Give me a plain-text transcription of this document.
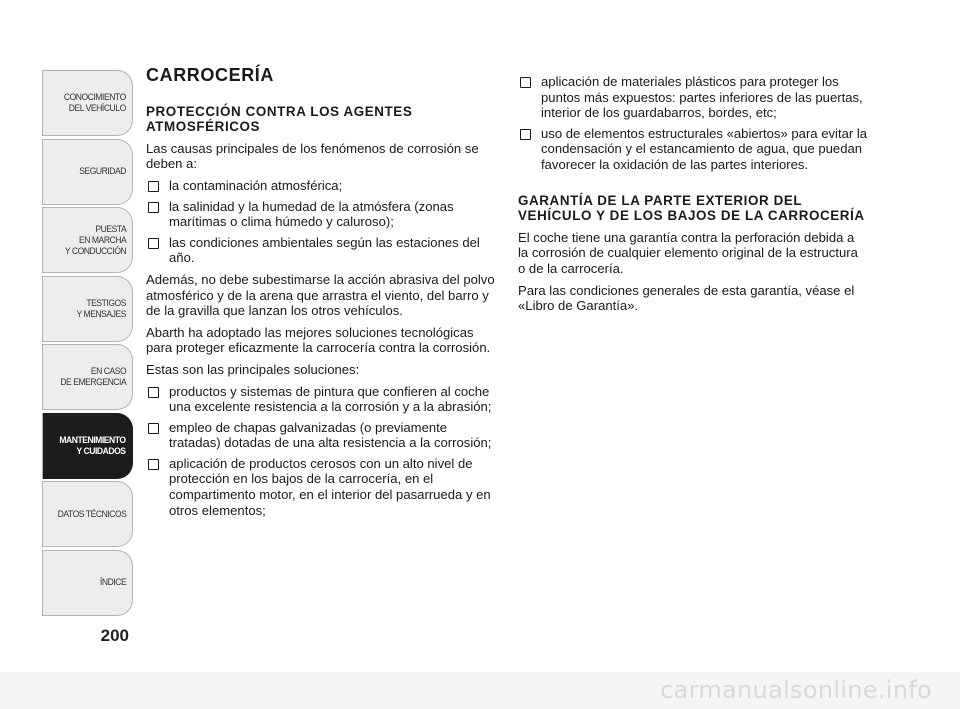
CONOCIMIENTO
DEL VEHÍCULO
SEGURIDAD
PUESTA
EN MARCHA
Y CONDUCCIÓN
TESTIGOS
Y MENSAJES
EN CASO
DE EMERGENCIA
MANTENIMIENTO
Y CUIDADOS
DATOS TÉCNICOS
ÍNDICE
200
CARROCERÍA
PROTECCIÓN CONTRA LOS AGENTES ATMOSFÉRICOS

Las causas principales de los fenómenos de corrosión se deben a:

la contaminación atmosférica;
la salinidad y la humedad de la atmósfera (zonas marítimas o clima húmedo y caluroso);
las condiciones ambientales según las estaciones del año.

Además, no debe subestimarse la acción abrasiva del polvo atmosférico y de la arena que arrastra el viento, del barro y de la gravilla que lanzan los otros vehículos.

Abarth ha adoptado las mejores soluciones tecnológicas para proteger eficazmente la carrocería contra la corrosión.

Estas son las principales soluciones:

productos y sistemas de pintura que confieren al coche una excelente resistencia a la corrosión y a la abrasión;
empleo de chapas galvanizadas (o previamente tratadas) dotadas de una alta resistencia a la corrosión;
aplicación de productos cerosos con un alto nivel de protección en los bajos de la carrocería, en el compartimento motor, en el interior del pasarrueda y en otros elementos;
aplicación de materiales plásticos para proteger los puntos más expuestos: partes inferiores de las puertas, interior de los guardabarros, bordes, etc;
uso de elementos estructurales «abiertos» para evitar la condensación y el estancamiento de agua, que puedan favorecer la oxidación de las partes interiores.
GARANTÍA DE LA PARTE EXTERIOR DEL VEHÍCULO Y DE LOS BAJOS DE LA CARROCERÍA

El coche tiene una garantía contra la perforación debida a la corrosión de cualquier elemento original de la estructura o de la carrocería.

Para las condiciones generales de esta garantía, véase el «Libro de Garantía».

carmanualsonline.info
